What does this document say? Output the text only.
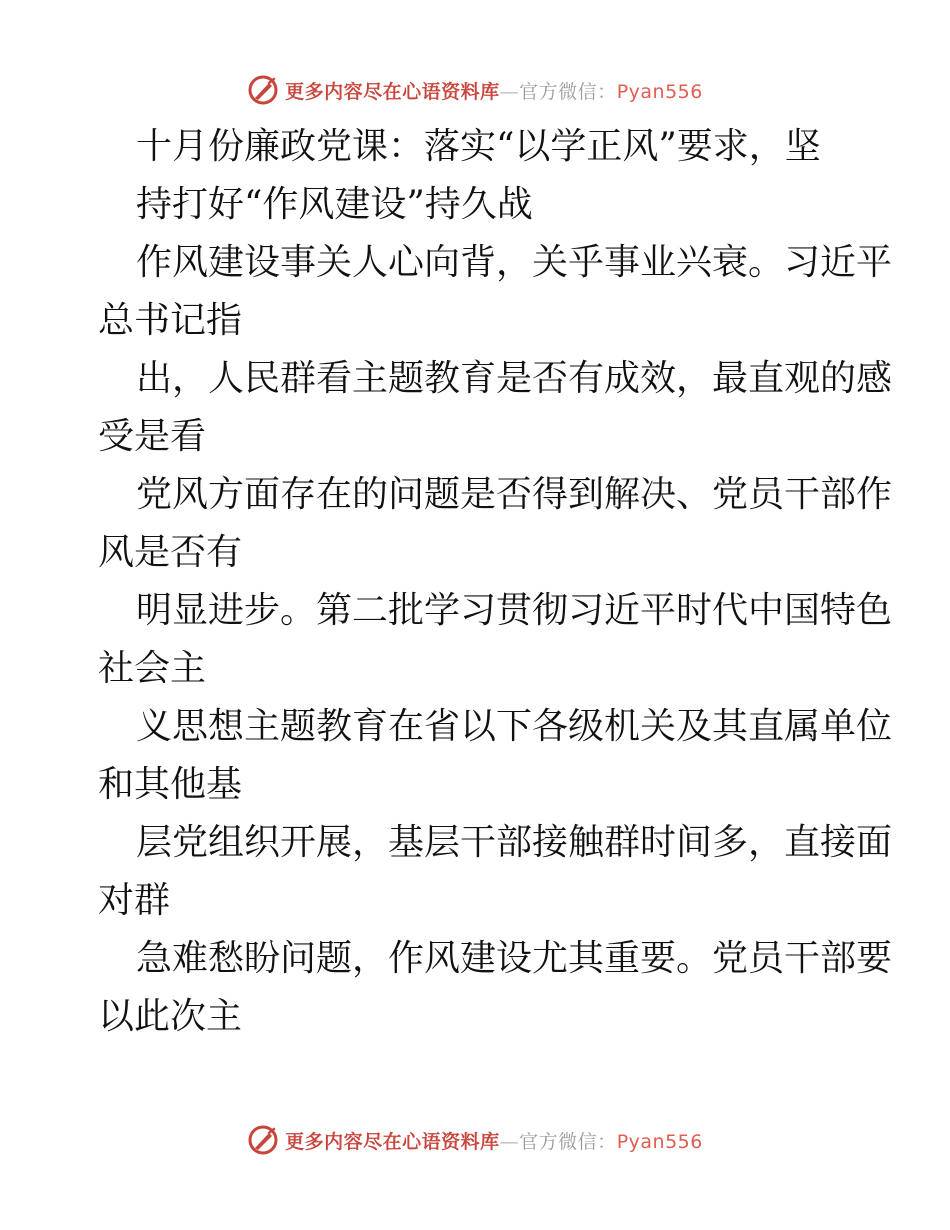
更多内容尽在心语资料库—官方微信：Pyan556
十月份廉政党课：落实“以学正风”要求，坚
持打好“作风建设”持久战
作风建设事关人心向背，关乎事业兴衰。习近平
总书记指
出，人民群看主题教育是否有成效，最直观的感
受是看
党风方面存在的问题是否得到解决、党员干部作
风是否有
明显进步。第二批学习贯彻习近平时代中国特色
社会主
义思想主题教育在省以下各级机关及其直属单位
和其他基
层党组织开展，基层干部接触群时间多，直接面
对群
急难愁盼问题，作风建设尤其重要。党员干部要
以此次主
更多内容尽在心语资料库—官方微信：Pyan556
